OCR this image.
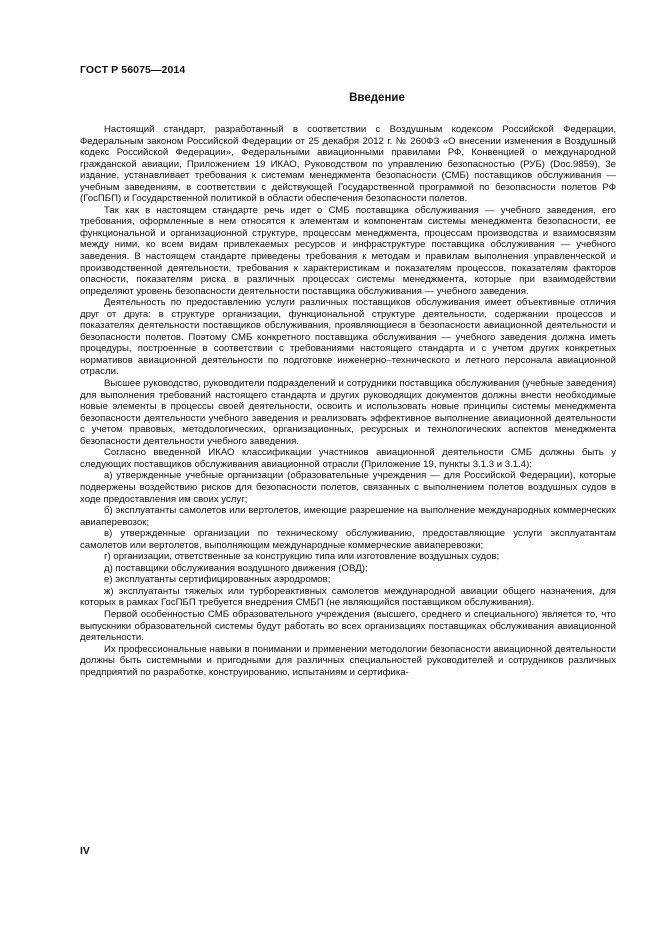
ГОСТ Р 56075—2014
Введение

Настоящий стандарт, разработанный в соответствии с Воздушным кодексом Российской Федерации, Федеральным законом Российской Федерации от 25 декабря 2012 г. № 260ФЗ «О внесении изменения в Воздушный кодекс Российской Федерации», Федеральными авиационными правилами РФ, Конвенцией о международной гражданской авиации, Приложением 19 ИКАО, Руководством по управлению безопасностью (РУБ) (Doc.9859), 3е издание, устанавливает требования к системам менеджмента безопасности (СМБ) поставщиков обслуживания — учебным заведениям, в соответствии с действующей Государственной программой по безопасности полетов РФ (ГосПБП) и Государственной политикой в области обеспечения безопасности полетов.

Так как в настоящем стандарте речь идет о СМБ поставщика обслуживания — учебного заведения, его требования, оформленные в нем относятся к элементам и компонентам системы менеджмента безопасности, ее функциональной и организационной структуре, процессам менеджмента, процессам производства и взаимосвязям между ними, ко всем видам привлекаемых ресурсов и инфраструктуре поставщика обслуживания — учебного заведения. В настоящем стандарте приведены требования к методам и правилам выполнения управленческой и производственной деятельности, требования к характеристикам и показателям процессов, показателям факторов опасности, показателям риска в различных процессах системы менеджмента, которые при взаимодействии определяют уровень безопасности деятельности поставщика обслуживания — учебного заведения.

Деятельность по предоставлению услуги различных поставщиков обслуживания имеет объективные отличия друг от друга: в структуре организации, функциональной структуре деятельности, содержании процессов и показателях деятельности поставщиков обслуживания, проявляющиеся в безопасности авиационной деятельности и безопасности полетов. Поэтому СМБ конкретного поставщика обслуживания — учебного заведения должна иметь процедуры, построенные в соответствии с требованиями настоящего стандарта и с учетом других конкретных нормативов авиационной деятельности по подготовке инженерно–технического и летного персонала авиационной отрасли.

Высшее руководство, руководители подразделений и сотрудники поставщика обслуживания (учебные заведения) для выполнения требований настоящего стандарта и других руководящих документов должны внести необходимые новые элементы в процессы своей деятельности, освоить и использовать новые принципы системы менеджмента безопасности деятельности учебного заведения и реализовать эффективное выполнение авиационной деятельности с учетом правовых, методологических, организационных, ресурсных и технологических аспектов менеджмента безопасности деятельности учебного заведения.

Согласно введенной ИКАО классификации участников авиационной деятельности СМБ должны быть у следующих поставщиков обслуживания авиационной отрасли (Приложение 19, пункты 3.1.3 и 3.1.4):

а) утвержденные учебные организации (образовательные учреждения — для Российской Федерации), которые подвержены воздействию рисков для безопасности полетов, связанных с выполнением полетов воздушных судов в ходе предоставления им своих услуг;

б) эксплуатанты самолетов или вертолетов, имеющие разрешение на выполнение международных коммерческих авиаперевозок;

в) утвержденные организации по техническому обслуживанию, предоставляющие услуги эксплуатантам самолетов или вертолетов, выполняющим международные коммерческие авиаперевозки;

г) организации, ответственные за конструкцию типа или изготовление воздушных судов;

д) поставщики обслуживания воздушного движения (ОВД);

е) эксплуатанты сертифицированных аэродромов;

ж) эксплуатанты тяжелых или турбореактивных самолетов международной авиации общего назначения, для которых в рамках ГосПБП требуется внедрения СМБП (не являющийся поставщиком обслуживания).

Первой особенностью СМБ образовательного учреждения (высшего, среднего и специального) является то, что выпускники образовательной системы будут работать во всех организациях поставщиках обслуживания авиационной деятельности.

Их профессиональные навыки в понимании и применении методологии безопасности авиационной деятельности должны быть системными и пригодными для различных специальностей руководителей и сотрудников различных предприятий по разработке, конструированию, испытаниям и сертифика-

IV
